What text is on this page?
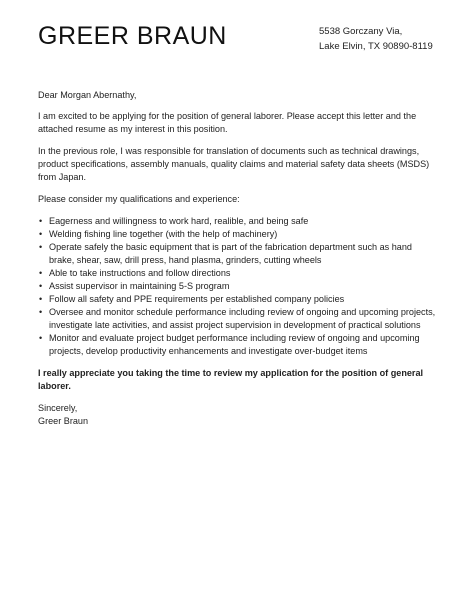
GREER BRAUN	5538 Gorczany Via,
Lake Elvin, TX 90890-8119

Dear Morgan Abernathy,

I am excited to be applying for the position of general laborer. Please accept this letter and the attached resume as my interest in this position.

In the previous role, I was responsible for translation of documents such as technical drawings, product specifications, assembly manuals, quality claims and material safety data sheets (MSDS) from Japan.

Please consider my qualifications and experience:

• Eagerness and willingness to work hard, realible, and being safe
• Welding fishing line together (with the help of machinery)
• Operate safely the basic equipment that is part of the fabrication department such as hand brake, shear, saw, drill press, hand plasma, grinders, cutting wheels
• Able to take instructions and follow directions
• Assist supervisor in maintaining 5-S program
• Follow all safety and PPE requirements per established company policies
• Oversee and monitor schedule performance including review of ongoing and upcoming projects, investigate late activities, and assist project supervision in development of practical solutions
• Monitor and evaluate project budget performance including review of ongoing and upcoming projects, develop productivity enhancements and investigate over-budget items

I really appreciate you taking the time to review my application for the position of general laborer.

Sincerely,
Greer Braun
